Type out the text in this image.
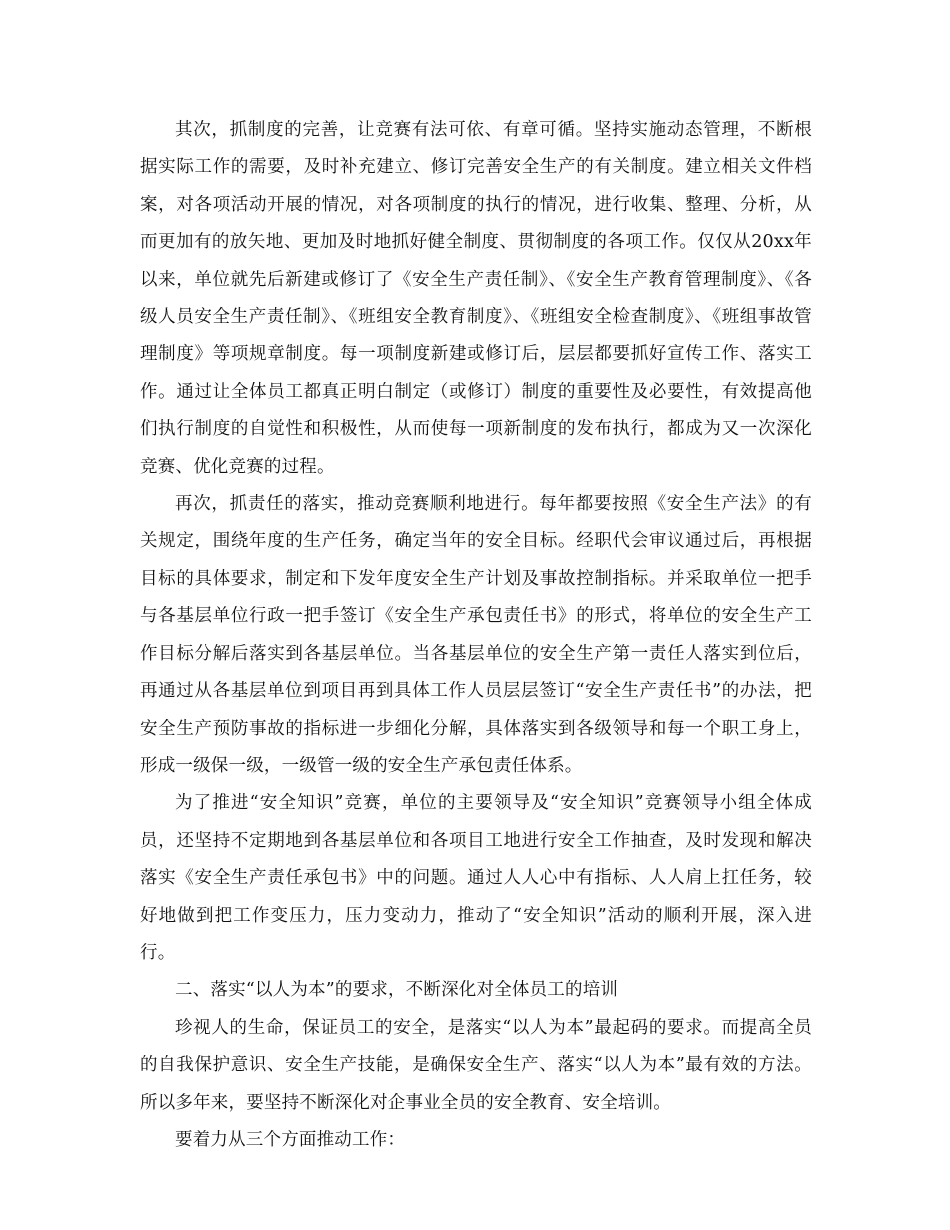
其次，抓制度的完善，让竞赛有法可依、有章可循。坚持实施动态管理，不断根据实际工作的需要，及时补充建立、修订完善安全生产的有关制度。建立相关文件档案，对各项活动开展的情况，对各项制度的执行的情况，进行收集、整理、分析，从而更加有的放矢地、更加及时地抓好健全制度、贯彻制度的各项工作。仅仅从20xx年以来，单位就先后新建或修订了《安全生产责任制》、《安全生产教育管理制度》、《各级人员安全生产责任制》、《班组安全教育制度》、《班组安全检查制度》、《班组事故管理制度》等项规章制度。每一项制度新建或修订后，层层都要抓好宣传工作、落实工作。通过让全体员工都真正明白制定（或修订）制度的重要性及必要性，有效提高他们执行制度的自觉性和积极性，从而使每一项新制度的发布执行，都成为又一次深化竞赛、优化竞赛的过程。

再次，抓责任的落实，推动竞赛顺利地进行。每年都要按照《安全生产法》的有关规定，围绕年度的生产任务，确定当年的安全目标。经职代会审议通过后，再根据目标的具体要求，制定和下发年度安全生产计划及事故控制指标。并采取单位一把手与各基层单位行政一把手签订《安全生产承包责任书》的形式，将单位的安全生产工作目标分解后落实到各基层单位。当各基层单位的安全生产第一责任人落实到位后，再通过从各基层单位到项目再到具体工作人员层层签订“安全生产责任书”的办法，把安全生产预防事故的指标进一步细化分解，具体落实到各级领导和每一个职工身上，形成一级保一级，一级管一级的安全生产承包责任体系。

为了推进“安全知识”竞赛，单位的主要领导及“安全知识”竞赛领导小组全体成员，还坚持不定期地到各基层单位和各项目工地进行安全工作抽查，及时发现和解决落实《安全生产责任承包书》中的问题。通过人人心中有指标、人人肩上扛任务，较好地做到把工作变压力，压力变动力，推动了“安全知识”活动的顺利开展，深入进行。

二、落实“以人为本”的要求，不断深化对全体员工的培训

珍视人的生命，保证员工的安全，是落实“以人为本”最起码的要求。而提高全员的自我保护意识、安全生产技能，是确保安全生产、落实“以人为本”最有效的方法。所以多年来，要坚持不断深化对企事业全员的安全教育、安全培训。

要着力从三个方面推动工作：
